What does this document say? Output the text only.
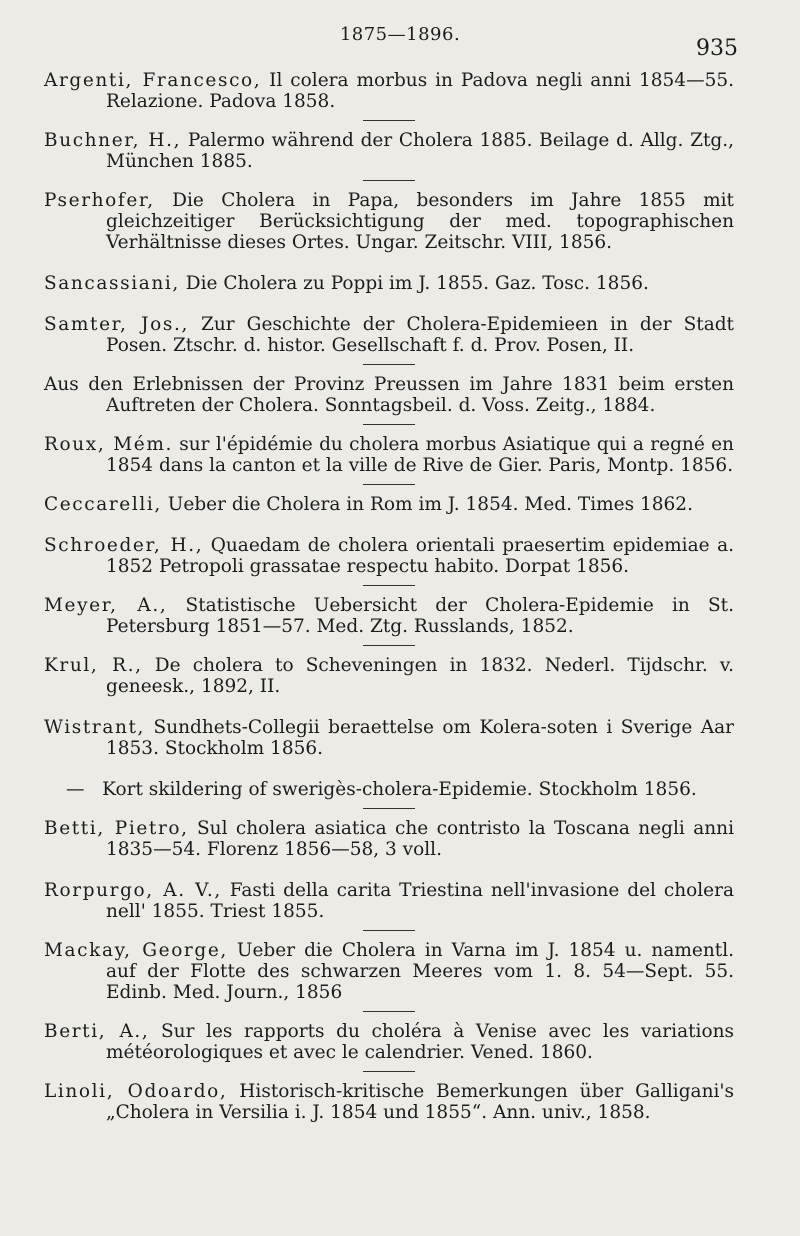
1875—1896.
935

Argenti, Francesco, Il colera morbus in Padova negli anni 1854—55. Relazione. Padova 1858.

Buchner, H., Palermo während der Cholera 1885. Beilage d. Allg. Ztg., München 1885.

Pserhofer, Die Cholera in Papa, besonders im Jahre 1855 mit gleichzeitiger Berücksichtigung der med. topographischen Verhältnisse dieses Ortes. Ungar. Zeitschr. VIII, 1856.

Sancassiani, Die Cholera zu Poppi im J. 1855. Gaz. Tosc. 1856.

Samter, Jos., Zur Geschichte der Cholera-Epidemieen in der Stadt Posen. Ztschr. d. histor. Gesellschaft f. d. Prov. Posen, II.

Aus den Erlebnissen der Provinz Preussen im Jahre 1831 beim ersten Auftreten der Cholera. Sonntagsbeil. d. Voss. Zeitg., 1884.

Roux, Mém. sur l'épidémie du cholera morbus Asiatique qui a regné en 1854 dans la canton et la ville de Rive de Gier. Paris, Montp. 1856.

Ceccarelli, Ueber die Cholera in Rom im J. 1854. Med. Times 1862.

Schroeder, H., Quaedam de cholera orientali praesertim epidemiae a. 1852 Petropoli grassatae respectu habito. Dorpat 1856.

Meyer, A., Statistische Uebersicht der Cholera-Epidemie in St. Petersburg 1851—57. Med. Ztg. Russlands, 1852.

Krul, R., De cholera to Scheveningen in 1832. Nederl. Tijdschr. v. geneesk., 1892, II.

Wistrant, Sundhets-Collegii beraettelse om Kolera-soten i Sverige Aar 1853. Stockholm 1856.

— Kort skildering of swerigès-cholera-Epidemie. Stockholm 1856.

Betti, Pietro, Sul cholera asiatica che contristo la Toscana negli anni 1835—54. Florenz 1856—58, 3 voll.

Rorpurgo, A. V., Fasti della carita Triestina nell'invasione del cholera nell' 1855. Triest 1855.

Mackay, George, Ueber die Cholera in Varna im J. 1854 u. namentl. auf der Flotte des schwarzen Meeres vom 1. 8. 54—Sept. 55. Edinb. Med. Journ., 1856

Berti, A., Sur les rapports du choléra à Venise avec les variations météorologiques et avec le calendrier. Vened. 1860.

Linoli, Odoardo, Historisch-kritische Bemerkungen über Galligani's „Cholera in Versilia i. J. 1854 und 1855“. Ann. univ., 1858.
